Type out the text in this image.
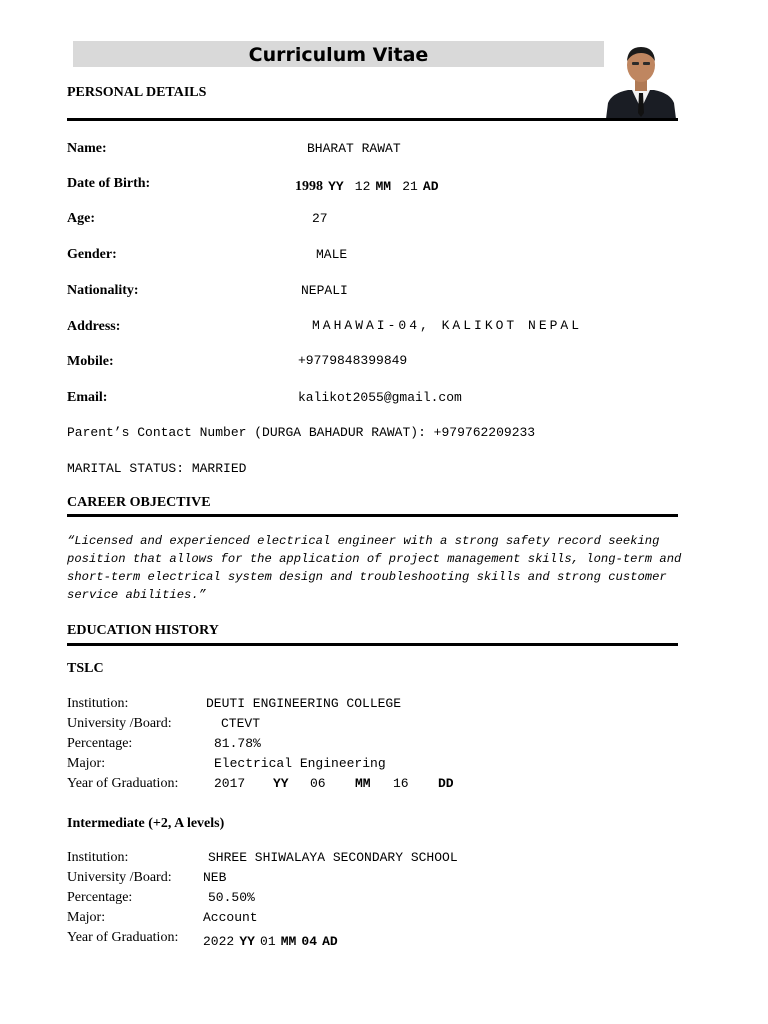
Curriculum Vitae
PERSONAL DETAILS
Name:	BHARAT RAWAT
Date of Birth:	1998 YY 12 MM 21 AD
Age:	27
Gender:	MALE
Nationality:	NEPALI
Address:	MAHAWAI-04, KALIKOT NEPAL
Mobile:	+9779848399849
Email:	kalikot2055@gmail.com
Parent’s Contact Number (DURGA BAHADUR RAWAT): +979762209233
MARITAL STATUS: MARRIED
CAREER OBJECTIVE
“Licensed and experienced electrical engineer with a strong safety record seeking position that allows for the application of project management skills, long-term and short-term electrical system design and troubleshooting skills and strong customer service abilities.”
EDUCATION HISTORY
TSLC
Institution:	DEUTI ENGINEERING COLLEGE
University /Board:	CTEVT
Percentage:	81.78%
Major:	Electrical Engineering
Year of Graduation:	2017 YY 06 MM 16 DD
Intermediate (+2, A levels)
Institution:	SHREE SHIWALAYA SECONDARY SCHOOL
University /Board: NEB
Percentage:	50.50%
Major:	Account
Year of Graduation: 2022 YY 01 MM 04 AD
